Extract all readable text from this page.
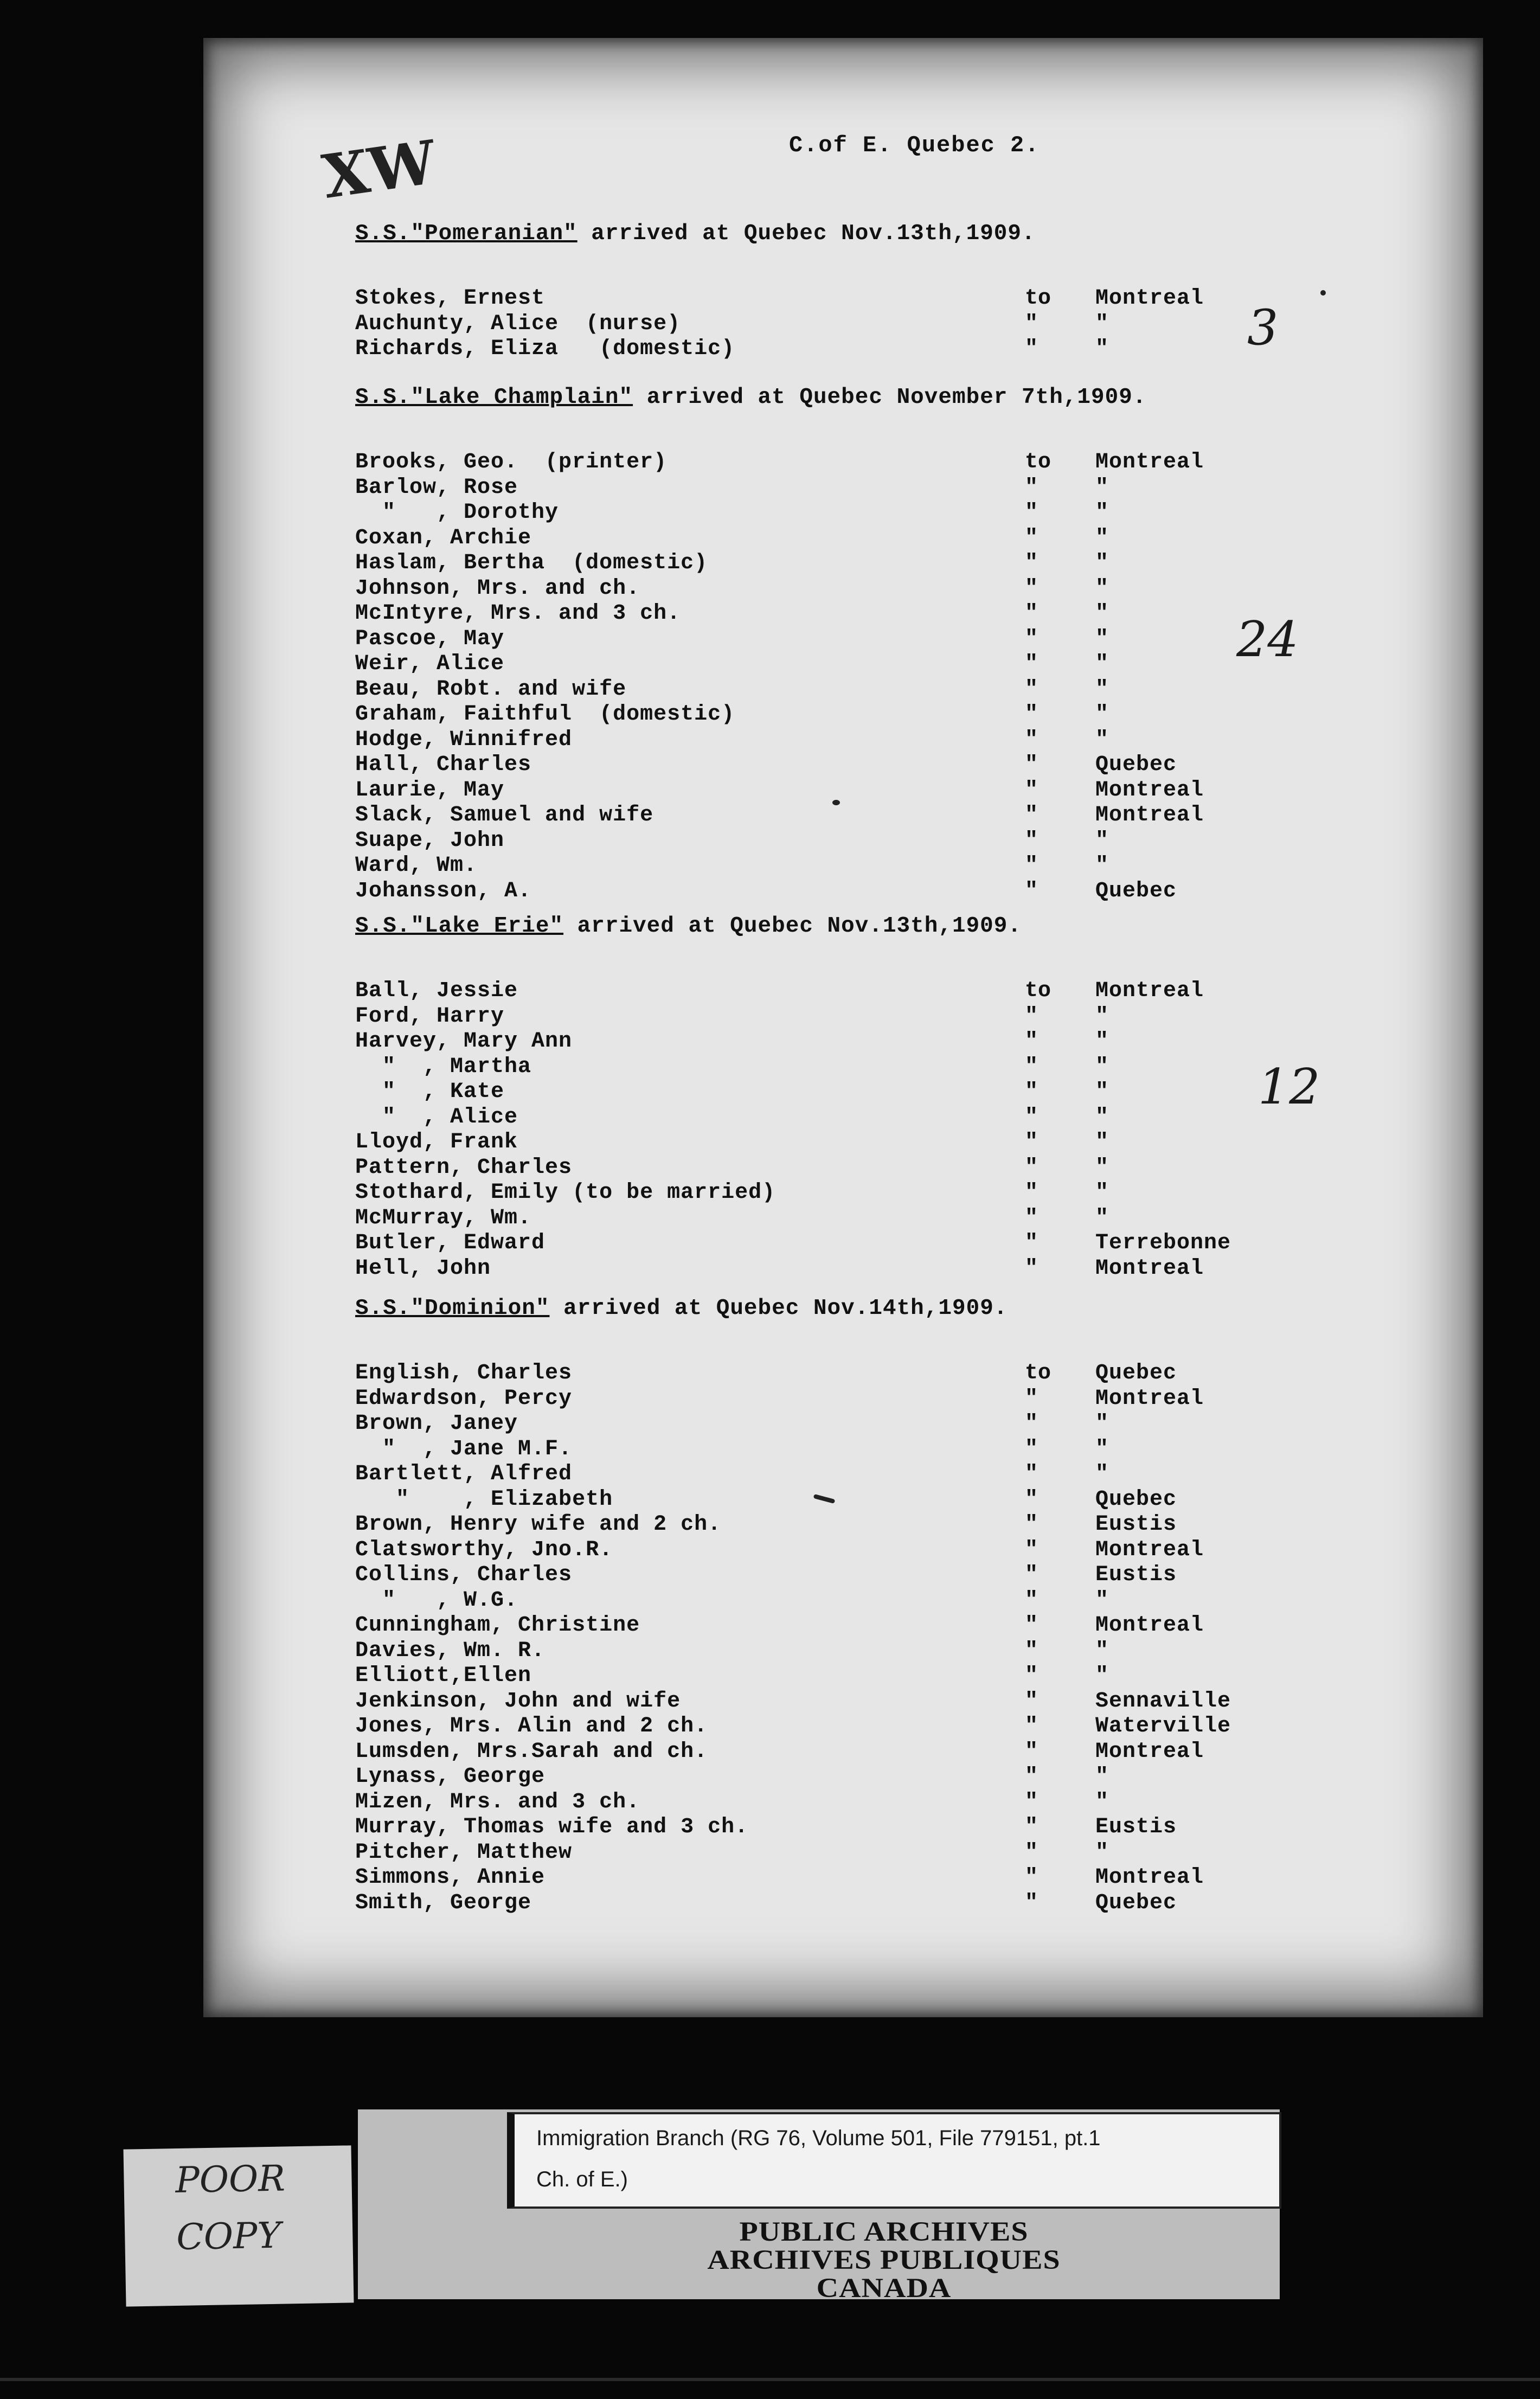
XW	C.of E. Quebec 2.
S.S."Pomeranian" arrived at Quebec Nov.13th,1909.
Stokes, Ernest	to Montreal
Auchunty, Alice  (nurse)	"	"
Richards, Eliza   (domestic)	"	"	3
S.S."Lake Champlain" arrived at Quebec November 7th,1909.
Brooks, Geo.  (printer)	to Montreal
Barlow, Rose	"	"
"   , Dorothy	"	"
Coxan, Archie	"	"
Haslam, Bertha  (domestic)	"	"
Johnson, Mrs. and ch.	"	"
McIntyre, Mrs. and 3 ch.	"	"
Pascoe, May	"	"
Weir, Alice	"	"
Beau, Robt. and wife	"	"
Graham, Faithful  (domestic)	"	"
Hodge, Winnifred	"	"
Hall, Charles	"	Quebec
Laurie, May	"	Montreal
Slack, Samuel and wife	"	Montreal
Suape, John	"	"
Ward, Wm.	"	"
Johansson, A.	"	Quebec
24
S.S."Lake Erie" arrived at Quebec Nov.13th,1909.
Ball, Jessie	to Montreal
Ford, Harry	"	"
Harvey, Mary Ann	"	"
"  , Martha	"	"
"  , Kate	"	"
"  , Alice	"	"
Lloyd, Frank	"	"
Pattern, Charles	"	"
Stothard, Emily (to be married)	"	"
McMurray, Wm.	"	"
Butler, Edward	"	Terrebonne
Hell, John	"	Montreal
12
S.S."Dominion" arrived at Quebec Nov.14th,1909.
English, Charles	to Quebec
Edwardson, Percy	"	Montreal
Brown, Janey	"	"
"  , Jane M.F.	"	"
Bartlett, Alfred	"	"
"    , Elizabeth	"	Quebec
Brown, Henry wife and 2 ch.	"	Eustis
Clatsworthy, Jno.R.	"	Montreal
Collins, Charles	"	Eustis
"   , W.G.	"	"
Cunningham, Christine	"	Montreal
Davies, Wm. R.	"	"
Elliott,Ellen	"	"
Jenkinson, John and wife	"	Sennaville
Jones, Mrs. Alin and 2 ch.	"	Waterville
Lumsden, Mrs.Sarah and ch.	"	Montreal
Lynass, George	"	"
Mizen, Mrs. and 3 ch.	"	"
Murray, Thomas wife and 3 ch.	"	Eustis
Pitcher, Matthew	"	"
Simmons, Annie	"	Montreal
Smith, George	"	Quebec
POOR
COPY
Immigration Branch (RG 76, Volume 501, File 779151, pt.1
Ch. of E.)
PUBLIC ARCHIVES
ARCHIVES PUBLIQUES
CANADA
